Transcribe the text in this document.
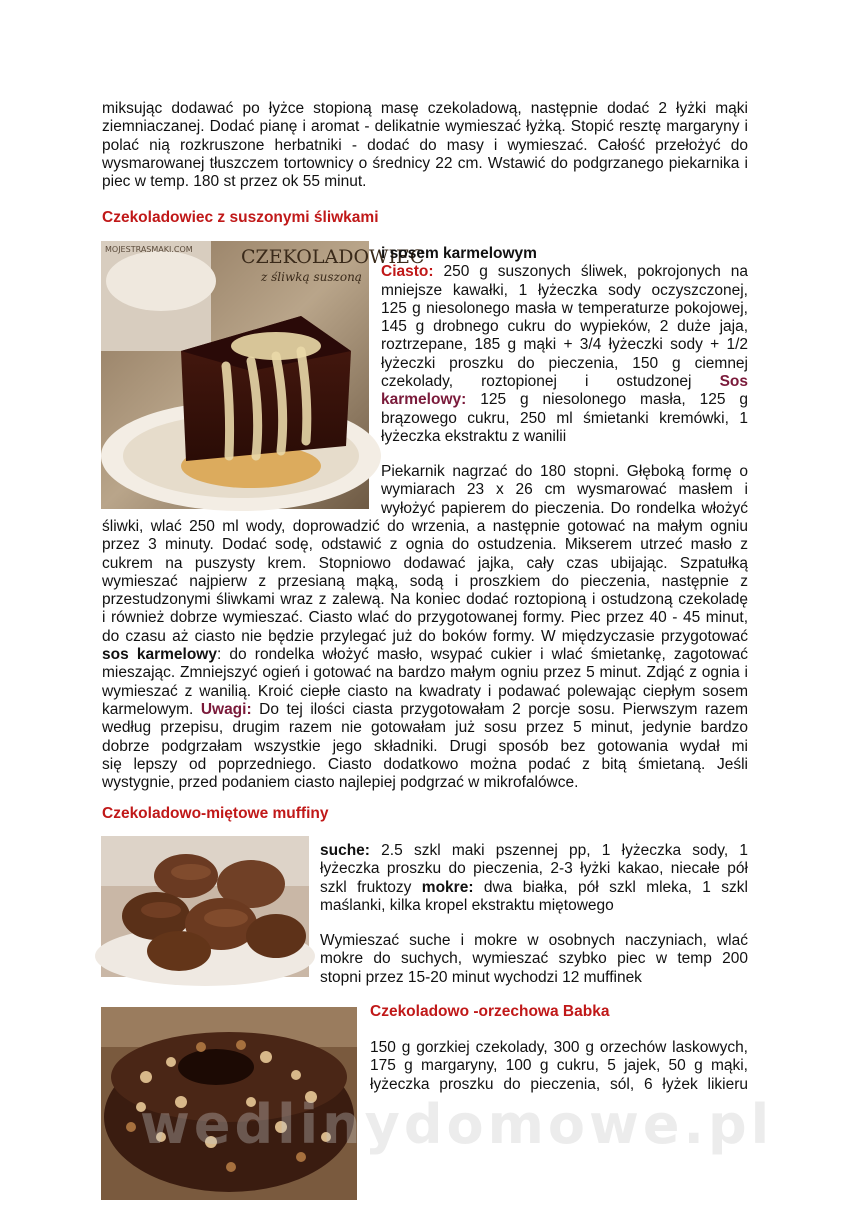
miksując dodawać po łyżce stopioną masę czekoladową, następnie dodać 2 łyżki mąki
ziemniaczanej. Dodać pianę i aromat - delikatnie wymieszać łyżką. Stopić resztę margaryny i
polać nią rozkruszone herbatniki - dodać do masy i wymieszać. Całość przełożyć do
wysmarowanej tłuszczem tortownicy o średnicy 22 cm. Wstawić do podgrzanego piekarnika i
piec w temp. 180 st przez ok 55 minut.
Czekoladowiec z suszonymi śliwkami
CZEKOLADOWIEC
z śliwką suszoną
MOJESTRASMAKI.COM	i sosem karmelowym
Ciasto: 250 g suszonych śliwek, pokrojonych na
mniejsze kawałki, 1 łyżeczka sody oczyszczonej,
125 g niesolonego masła w temperaturze pokojowej,
145 g drobnego cukru do wypieków, 2 duże jaja,
roztrzepane, 185 g mąki + 3/4 łyżeczki sody + 1/2
łyżeczki proszku do pieczenia, 150 g ciemnej
czekolady, roztopionej i ostudzonej Sos
karmelowy: 125 g niesolonego masła, 125 g
brązowego cukru, 250 ml śmietanki kremówki, 1
łyżeczka ekstraktu z wanilii
Piekarnik nagrzać do 180 stopni. Głęboką formę o
wymiarach 23 x 26 cm wysmarować masłem i
wyłożyć papierem do pieczenia. Do rondelka włożyć
śliwki, wlać 250 ml wody, doprowadzić do wrzenia, a następnie gotować na małym ogniu
przez 3 minuty. Dodać sodę, odstawić z ognia do ostudzenia. Mikserem utrzeć masło z
cukrem na puszysty krem. Stopniowo dodawać jajka, cały czas ubijając. Szpatułką
wymieszać najpierw z przesianą mąką, sodą i proszkiem do pieczenia, następnie z
przestudzonymi śliwkami wraz z zalewą. Na koniec dodać roztopioną i ostudzoną czekoladę
i również dobrze wymieszać. Ciasto wlać do przygotowanej formy. Piec przez 40 - 45 minut,
do czasu aż ciasto nie będzie przylegać już do boków formy. W międzyczasie przygotować
sos karmelowy: do rondelka włożyć masło, wsypać cukier i wlać śmietankę, zagotować
mieszając. Zmniejszyć ogień i gotować na bardzo małym ogniu przez 5 minut. Zdjąć z ognia i
wymieszać z wanilią. Kroić ciepłe ciasto na kwadraty i podawać polewając ciepłym sosem
karmelowym. Uwagi: Do tej ilości ciasta przygotowałam 2 porcje sosu. Pierwszym razem
według przepisu, drugim razem nie gotowałam już sosu przez 5 minut, jedynie bardzo
dobrze podgrzałam wszystkie jego składniki. Drugi sposób bez gotowania wydał mi
się lepszy od poprzedniego. Ciasto dodatkowo można podać z bitą śmietaną. Jeśli
wystygnie, przed podaniem ciasto najlepiej podgrzać w mikrofalówce.
Czekoladowo-miętowe muffiny
suche: 2.5 szkl maki pszennej pp, 1 łyżeczka sody, 1
łyżeczka proszku do pieczenia, 2-3 łyżki kakao, niecałe pół
szkl fruktozy mokre: dwa białka, pół szkl mleka, 1 szkl
maślanki, kilka kropel ekstraktu miętowego
Wymieszać suche i mokre w osobnych naczyniach, wlać
mokre do suchych, wymieszać szybko piec w temp 200
stopni przez 15-20 minut wychodzi 12 muffinek
Czekoladowo -orzechowa Babka
150 g gorzkiej czekolady, 300 g orzechów laskowych,
175 g margaryny, 100 g cukru, 5 jajek, 50 g mąki,
łyżeczka proszku do pieczenia, sól, 6 łyżek likieru
wedlinydomowe.pl
